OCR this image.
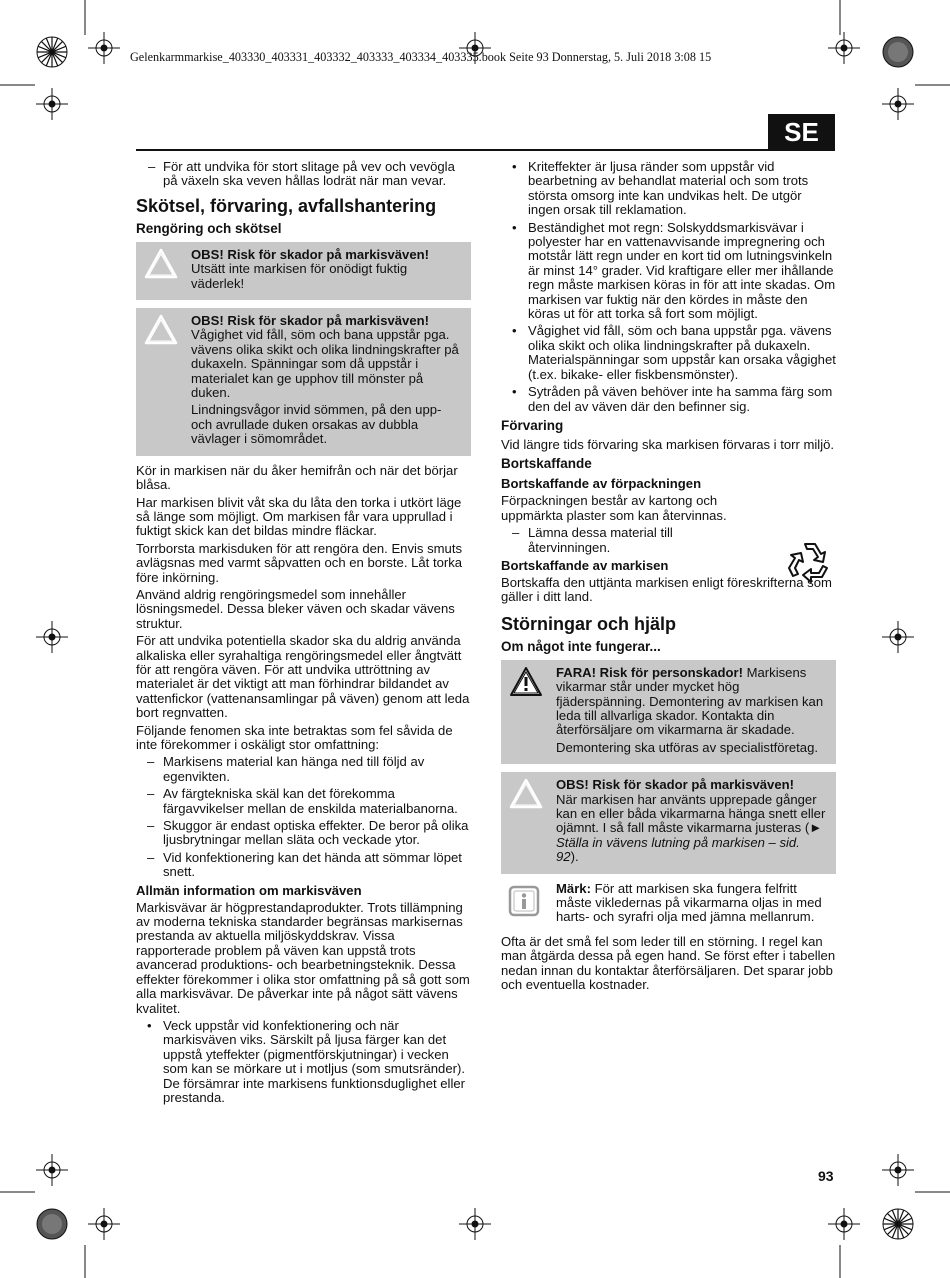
Gelenkarmmarkise_403330_403331_403332_403333_403334_403335.book Seite 93 Donnerstag, 5. Juli 2018 3:08 15
SE
– För att undvika för stort slitage på vev och vevögla på växeln ska veven hållas lodrät när man vevar.
Skötsel, förvaring, avfallshantering
Rengöring och skötsel

OBS! Risk för skador på markisväven!
Utsätt inte markisen för onödigt fuktig väderlek!

OBS! Risk för skador på markisväven!
Vågighet vid fåll, söm och bana uppstår pga. vävens olika skikt och olika lindningskrafter på dukaxeln. Spänningar som då uppstår i materialet kan ge upphov till mönster på duken.

Lindningsvågor invid sömmen, på den upp- och avrullade duken orsakas av dubbla vävlager i sömområdet.

Kör in markisen när du åker hemifrån och när det börjar blåsa.

Har markisen blivit våt ska du låta den torka i utkört läge så länge som möjligt. Om markisen får vara upprullad i fuktigt skick kan det bildas mindre fläckar.

Torrborsta markisduken för att rengöra den. Envis smuts avlägsnas med varmt såpvatten och en borste. Låt torka före inkörning.

Använd aldrig rengöringsmedel som innehåller lösningsmedel. Dessa bleker väven och skadar vävens struktur.

För att undvika potentiella skador ska du aldrig använda alkaliska eller syrahaltiga rengöringsmedel eller ångtvätt för att rengöra väven. För att undvika uttröttning av materialet är det viktigt att man förhindrar bildandet av vattenfickor (vattenansamlingar på väven) genom att leda bort regnvatten.

Följande fenomen ska inte betraktas som fel såvida de inte förekommer i oskäligt stor omfattning:

– Markisens material kan hänga ned till följd av egenvikten.
– Av färgtekniska skäl kan det förekomma färgavvikelser mellan de enskilda materialbanorna.
– Skuggor är endast optiska effekter. De beror på olika ljusbrytningar mellan släta och veckade ytor.
– Vid konfektionering kan det hända att sömmar löpet snett.
Allmän information om markisväven

Markisvävar är högprestandaprodukter. Trots tillämpning av moderna tekniska standarder begränsas markisernas prestanda av aktuella miljöskyddskrav. Vissa rapporterade problem på väven kan uppstå trots avancerad produktions- och bearbetningsteknik. Dessa effekter förekommer i olika stor omfattning på så gott som alla markisvävar. De påverkar inte på något sätt vävens kvalitet.

• Veck uppstår vid konfektionering och när markisväven viks. Särskilt på ljusa färger kan det uppstå yteffekter (pigmentförskjutningar) i vecken som kan se mörkare ut i motljus (som smutsränder). De försämrar inte markisens funktionsduglighet eller prestanda.
• Kriteffekter är ljusa ränder som uppstår vid bearbetning av behandlat material och som trots största omsorg inte kan undvikas helt. De utgör ingen orsak till reklamation.
• Beständighet mot regn: Solskyddsmarkisvävar i polyester har en vattenavvisande impregnering och motstår lätt regn under en kort tid om lutningsvinkeln är minst 14° grader. Vid kraftigare eller mer ihållande regn måste markisen köras in för att inte skadas. Om markisen var fuktig när den kördes in måste den köras ut för att torka så fort som möjligt.
• Vågighet vid fåll, söm och bana uppstår pga. vävens olika skikt och olika lindningskrafter på dukaxeln. Materialspänningar som uppstår kan orsaka vågighet (t.ex. bikake- eller fiskbensmönster).
• Sytråden på väven behöver inte ha samma färg som den del av väven där den befinner sig.
Förvaring

Vid längre tids förvaring ska markisen förvaras i torr miljö.

Bortskaffande
Bortskaffande av förpackningen

Förpackningen består av kartong och uppmärkta plaster som kan återvinnas.

– Lämna dessa material till återvinningen.
Bortskaffande av markisen

Bortskaffa den uttjänta markisen enligt föreskrifterna som gäller i ditt land.

Störningar och hjälp
Om något inte fungerar...

FARA! Risk för personskador! Markisens vikarmar står under mycket hög fjäderspänning. Demontering av markisen kan leda till allvarliga skador. Kontakta din återförsäljare om vikarmarna är skadade.

Demontering ska utföras av specialistföretag.

OBS! Risk för skador på markisväven!
När markisen har använts upprepade gånger kan en eller båda vikarmarna hänga snett eller ojämnt. I så fall måste vikarmarna justeras (► Ställa in vävens lutning på markisen – sid. 92).

Märk: För att markisen ska fungera felfritt måste vikledernas på vikarmarna oljas in med harts- och syrafri olja med jämna mellanrum.

Ofta är det små fel som leder till en störning. I regel kan man åtgärda dessa på egen hand. Se först efter i tabellen nedan innan du kontaktar återförsäljaren. Det sparar jobb och eventuella kostnader.

93
